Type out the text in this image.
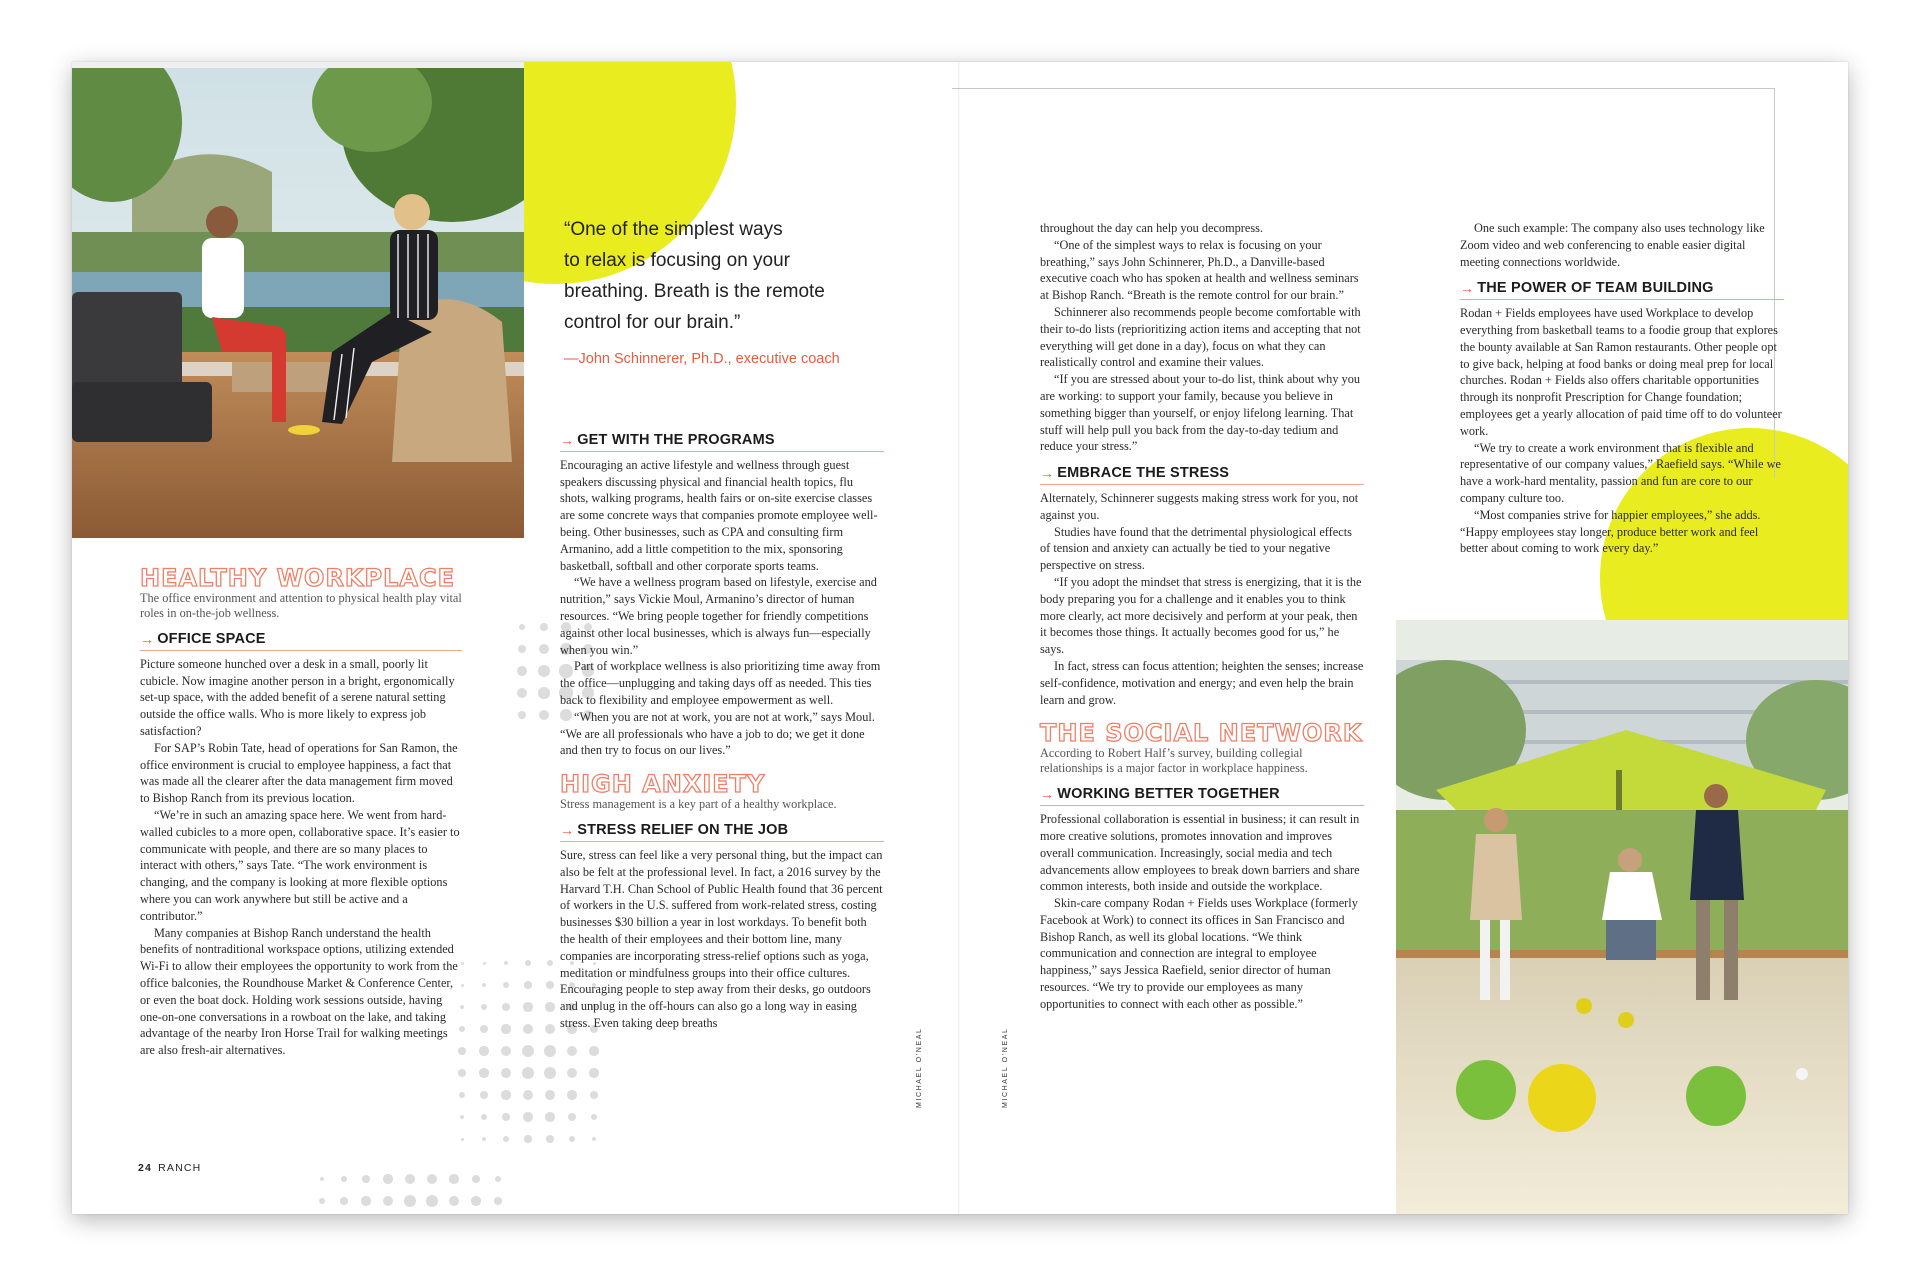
“One of the simplest ways
to relax is focusing on your
breathing. Breath is the remote
control for our brain.”
—John Schinnerer, Ph.D., executive coach
HEALTHY WORKPLACE
The office environment and attention to physical health play vital roles in on-the-job wellness.
→ OFFICE SPACE

Picture someone hunched over a desk in a small, poorly lit cubicle. Now imagine another person in a bright, ergonomically set-up space, with the added benefit of a serene natural setting outside the office walls. Who is more likely to express job satisfaction?

For SAP’s Robin Tate, head of operations for San Ramon, the office environment is crucial to employee happiness, a fact that was made all the clearer after the data management firm moved to Bishop Ranch from its previous location.

“We’re in such an amazing space here. We went from hard-walled cubicles to a more open, collaborative space. It’s easier to communicate with people, and there are so many places to interact with others,” says Tate. “The work environment is changing, and the company is looking at more flexible options where you can work anywhere but still be active and a contributor.”

Many companies at Bishop Ranch understand the health benefits of nontraditional workspace options, utilizing extended Wi-Fi to allow their employees the opportunity to work from the office balconies, the Roundhouse Market & Conference Center, or even the boat dock. Holding work sessions outside, having one-on-one conversations in a rowboat on the lake, and taking advantage of the nearby Iron Horse Trail for walking meetings are also fresh-air alternatives.

→ GET WITH THE PROGRAMS

Encouraging an active lifestyle and wellness through guest speakers discussing physical and financial health topics, flu shots, walking programs, health fairs or on-site exercise classes are some concrete ways that companies promote employee well-being. Other businesses, such as CPA and consulting firm Armanino, add a little competition to the mix, sponsoring basketball, softball and other corporate sports teams.

“We have a wellness program based on lifestyle, exercise and nutrition,” says Vickie Moul, Armanino’s director of human resources. “We bring people together for friendly competitions against other local businesses, which is always fun—especially when you win.”

Part of workplace wellness is also prioritizing time away from the office—unplugging and taking days off as needed. This ties back to flexibility and employee empowerment as well.

“When you are not at work, you are not at work,” says Moul. “We are all professionals who have a job to do; we get it done and then try to focus on our lives.”

HIGH ANXIETY
Stress management is a key part of a healthy workplace.
→ STRESS RELIEF ON THE JOB

Sure, stress can feel like a very personal thing, but the impact can also be felt at the professional level. In fact, a 2016 survey by the Harvard T.H. Chan School of Public Health found that 36 percent of workers in the U.S. suffered from work-related stress, costing businesses $30 billion a year in lost workdays. To benefit both the health of their employees and their bottom line, many companies are incorporating stress-relief options such as yoga, meditation or mindfulness groups into their office cultures. Encouraging people to step away from their desks, go outdoors and unplug in the off-hours can also go a long way in easing stress. Even taking deep breaths

MICHAEL O’NEAL	MICHAEL O’NEAL

throughout the day can help you decompress.

“One of the simplest ways to relax is focusing on your breathing,” says John Schinnerer, Ph.D., a Danville-based executive coach who has spoken at health and wellness seminars at Bishop Ranch. “Breath is the remote control for our brain.”

Schinnerer also recommends people become comfortable with their to-do lists (reprioritizing action items and accepting that not everything will get done in a day), focus on what they can realistically control and examine their values.

“If you are stressed about your to-do list, think about why you are working: to support your family, because you believe in something bigger than yourself, or enjoy lifelong learning. That stuff will help pull you back from the day-to-day tedium and reduce your stress.”

→ EMBRACE THE STRESS

Alternately, Schinnerer suggests making stress work for you, not against you.

Studies have found that the detrimental physiological effects of tension and anxiety can actually be tied to your negative perspective on stress.

“If you adopt the mindset that stress is energizing, that it is the body preparing you for a challenge and it enables you to think more clearly, act more decisively and perform at your peak, then it becomes those things. It actually becomes good for us,” he says.

In fact, stress can focus attention; heighten the senses; increase self-confidence, motivation and energy; and even help the brain learn and grow.

THE SOCIAL NETWORK
According to Robert Half’s survey, building collegial relationships is a major factor in workplace happiness.
→ WORKING BETTER TOGETHER

Professional collaboration is essential in business; it can result in more creative solutions, promotes innovation and improves overall communication. Increasingly, social media and tech advancements allow employees to break down barriers and share common interests, both inside and outside the workplace.

Skin-care company Rodan + Fields uses Workplace (formerly Facebook at Work) to connect its offices in San Francisco and Bishop Ranch, as well its global locations. “We think communication and connection are integral to employee happiness,” says Jessica Raefield, senior director of human resources. “We try to provide our employees as many opportunities to connect with each other as possible.”

One such example: The company also uses technology like Zoom video and web conferencing to enable easier digital meeting connections worldwide.

→ THE POWER OF TEAM BUILDING

Rodan + Fields employees have used Workplace to develop everything from basketball teams to a foodie group that explores the bounty available at San Ramon restaurants. Other people opt to give back, helping at food banks or doing meal prep for local churches. Rodan + Fields also offers charitable opportunities through its nonprofit Prescription for Change foundation; employees get a yearly allocation of paid time off to do volunteer work.

“We try to create a work environment that is flexible and representative of our company values,” Raefield says. “While we have a work-hard mentality, passion and fun are core to our company culture too.

“Most companies strive for happier employees,” she adds. “Happy employees stay longer, produce better work and feel better about coming to work every day.”

24 RANCH
